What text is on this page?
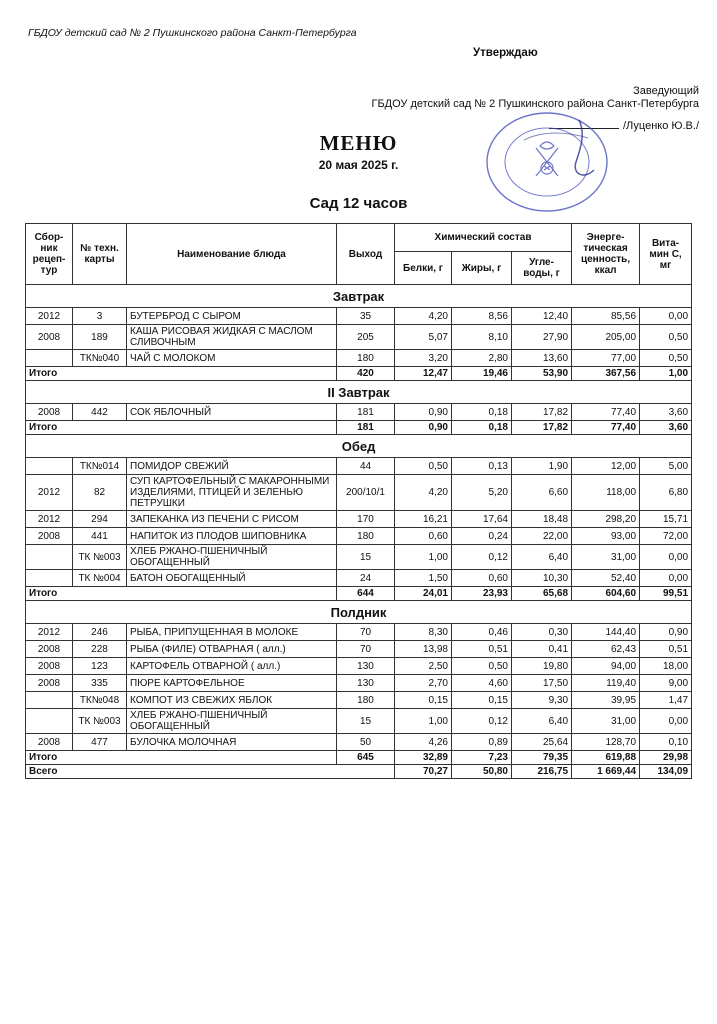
ГБДОУ детский сад № 2 Пушкинского района Санкт-Петербурга
Утверждаю
Заведующий
ГБДОУ детский сад № 2 Пушкинского района Санкт-Петербурга
/Луценко Ю.В./
МЕНЮ
20 мая 2025 г.
Сад 12 часов
Сбор-ник рецеп-тур	№ техн. карты	Наименование блюда	Выход	Химический состав			Энерге-тическая ценность, ккал	Вита-мин С, мг
				Белки, г	Жиры, г	Угле-воды, г		
Завтрак								
2012	3	БУТЕРБРОД С СЫРОМ	35	4,20	8,56	12,40	85,56	0,00
2008	189	КАША РИСОВАЯ ЖИДКАЯ С МАСЛОМ СЛИВОЧНЫМ	205	5,07	8,10	27,90	205,00	0,50
	ТК№040	ЧАЙ С МОЛОКОМ	180	3,20	2,80	13,60	77,00	0,50
Итого			420	12,47	19,46	53,90	367,56	1,00
II Завтрак								
2008	442	СОК ЯБЛОЧНЫЙ	181	0,90	0,18	17,82	77,40	3,60
Итого			181	0,90	0,18	17,82	77,40	3,60
Обед								
	ТК№014	ПОМИДОР СВЕЖИЙ	44	0,50	0,13	1,90	12,00	5,00
2012	82	СУП КАРТОФЕЛЬНЫЙ С МАКАРОННЫМИ ИЗДЕЛИЯМИ, ПТИЦЕЙ И ЗЕЛЕНЬЮ ПЕТРУШКИ	200/10/1	4,20	5,20	6,60	118,00	6,80
2012	294	ЗАПЕКАНКА ИЗ ПЕЧЕНИ С РИСОМ	170	16,21	17,64	18,48	298,20	15,71
2008	441	НАПИТОК ИЗ ПЛОДОВ ШИПОВНИКА	180	0,60	0,24	22,00	93,00	72,00
	ТК №003	ХЛЕБ РЖАНО-ПШЕНИЧНЫЙ ОБОГАЩЕННЫЙ	15	1,00	0,12	6,40	31,00	0,00
	ТК №004	БАТОН ОБОГАЩЕННЫЙ	24	1,50	0,60	10,30	52,40	0,00
Итого			644	24,01	23,93	65,68	604,60	99,51
Полдник								
2012	246	РЫБА, ПРИПУЩЕННАЯ В МОЛОКЕ	70	8,30	0,46	0,30	144,40	0,90
2008	228	РЫБА (ФИЛЕ) ОТВАРНАЯ ( алл.)	70	13,98	0,51	0,41	62,43	0,51
2008	123	КАРТОФЕЛЬ ОТВАРНОЙ ( алл.)	130	2,50	0,50	19,80	94,00	18,00
2008	335	ПЮРЕ КАРТОФЕЛЬНОЕ	130	2,70	4,60	17,50	119,40	9,00
	ТК№048	КОМПОТ ИЗ СВЕЖИХ ЯБЛОК	180	0,15	0,15	9,30	39,95	1,47
	ТК №003	ХЛЕБ РЖАНО-ПШЕНИЧНЫЙ ОБОГАЩЕННЫЙ	15	1,00	0,12	6,40	31,00	0,00
2008	477	БУЛОЧКА МОЛОЧНАЯ	50	4,26	0,89	25,64	128,70	0,10
Итого			645	32,89	7,23	79,35	619,88	29,98
Всего				70,27	50,80	216,75	1 669,44	134,09
